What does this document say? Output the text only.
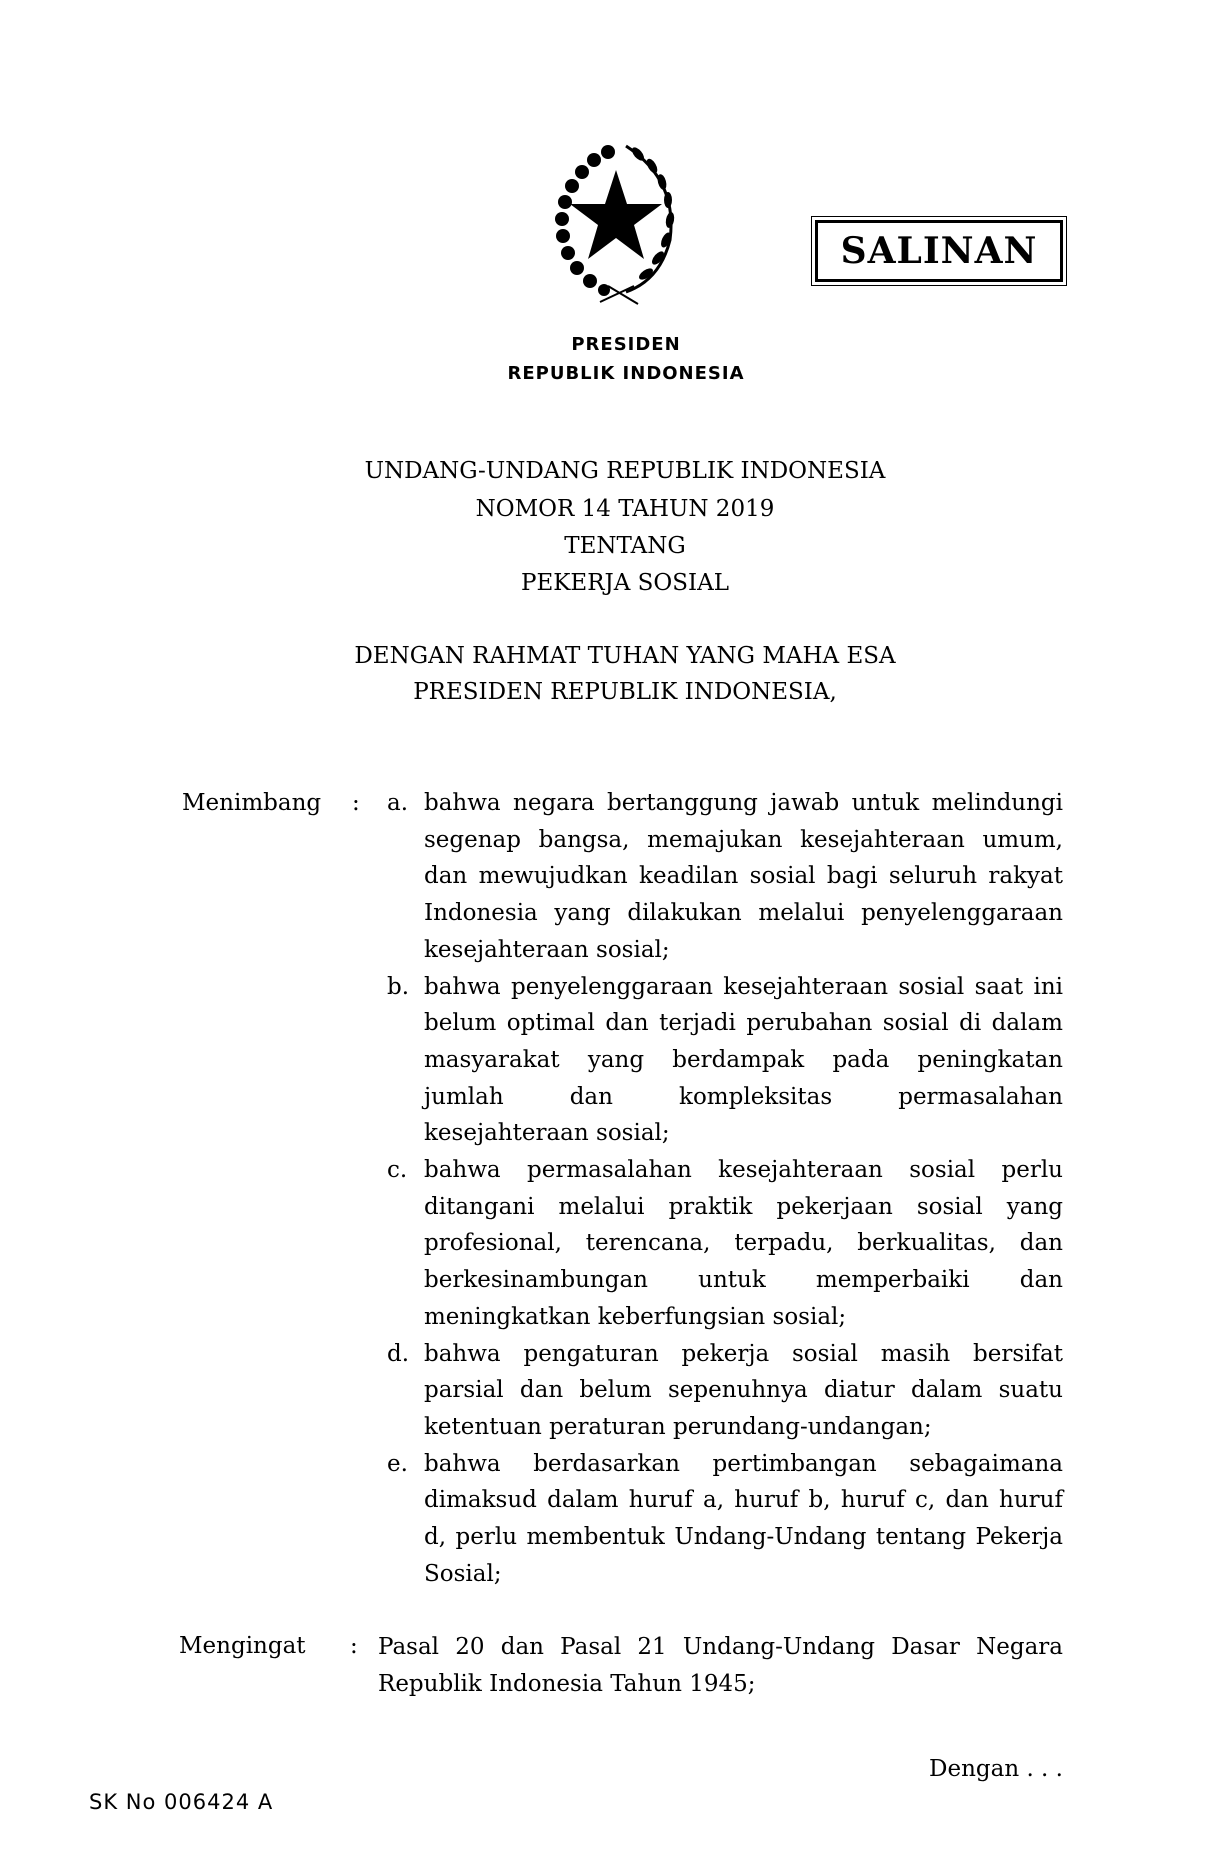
SALINAN
PRESIDEN
REPUBLIK INDONESIA
UNDANG-UNDANG REPUBLIK INDONESIA
NOMOR 14 TAHUN 2019
TENTANG
PEKERJA SOSIAL
DENGAN RAHMAT TUHAN YANG MAHA ESA
PRESIDEN REPUBLIK INDONESIA,
Menimbang : a. bahwa negara bertanggung jawab untuk melindungi
segenap bangsa, memajukan kesejahteraan umum,
dan mewujudkan keadilan sosial bagi seluruh rakyat
Indonesia yang dilakukan melalui penyelenggaraan
kesejahteraan sosial;
b. bahwa penyelenggaraan kesejahteraan sosial saat ini
belum optimal dan terjadi perubahan sosial di dalam
masyarakat yang berdampak pada peningkatan
jumlah dan kompleksitas permasalahan
kesejahteraan sosial;
c. bahwa permasalahan kesejahteraan sosial perlu
ditangani melalui praktik pekerjaan sosial yang
profesional, terencana, terpadu, berkualitas, dan
berkesinambungan untuk memperbaiki dan
meningkatkan keberfungsian sosial;
d. bahwa pengaturan pekerja sosial masih bersifat
parsial dan belum sepenuhnya diatur dalam suatu
ketentuan peraturan perundang-undangan;
e. bahwa berdasarkan pertimbangan sebagaimana
dimaksud dalam huruf a, huruf b, huruf c, dan huruf
d, perlu membentuk Undang-Undang tentang Pekerja
Sosial;
Mengingat : Pasal 20 dan Pasal 21 Undang-Undang Dasar Negara
Republik Indonesia Tahun 1945;
Dengan . . .
SK No 006424 A
